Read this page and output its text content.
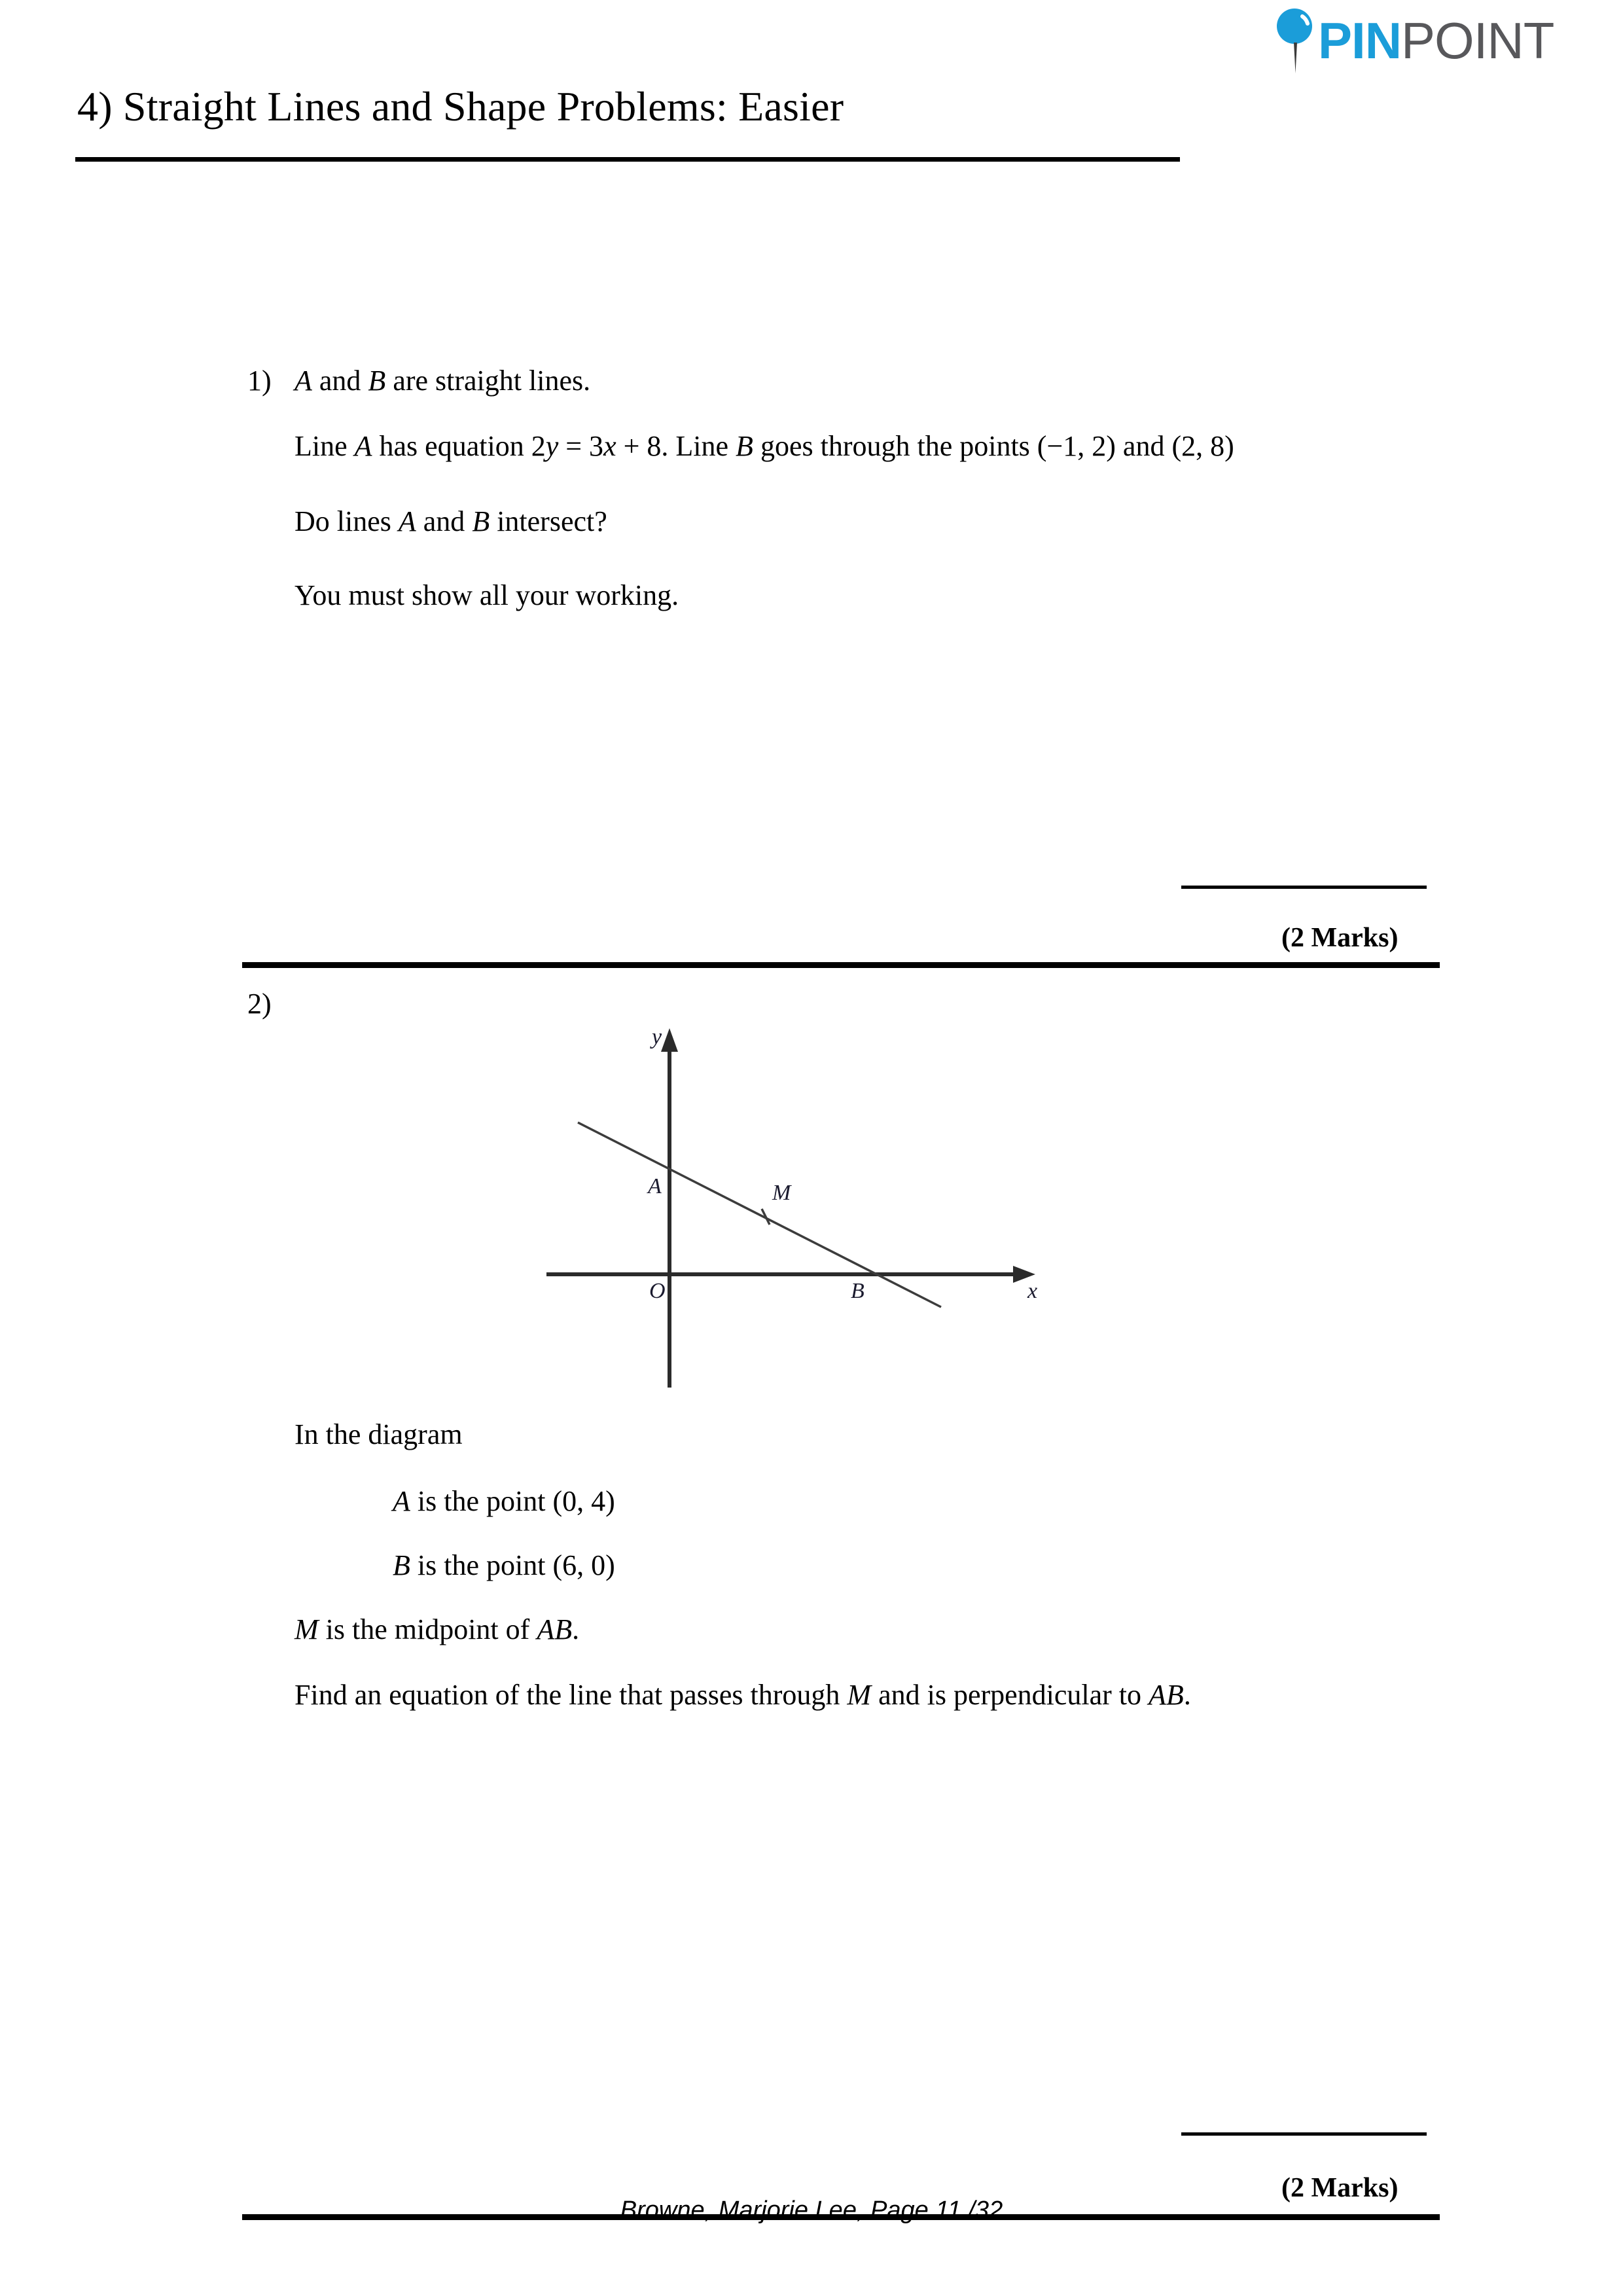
PINPOINT
4) Straight Lines and Shape Problems: Easier
1) A and B are straight lines.
Line A has equation 2y = 3x + 8. Line B goes through the points (−1, 2) and (2, 8)
Do lines A and B intersect?
You must show all your working.
(2 Marks)
2)
y
x
O
A	M
B
In the diagram
A is the point (0, 4)
B is the point (6, 0)
M is the midpoint of AB.
Find an equation of the line that passes through M and is perpendicular to AB.
(2 Marks)
Browne, Marjorie Lee, Page 11 /32
